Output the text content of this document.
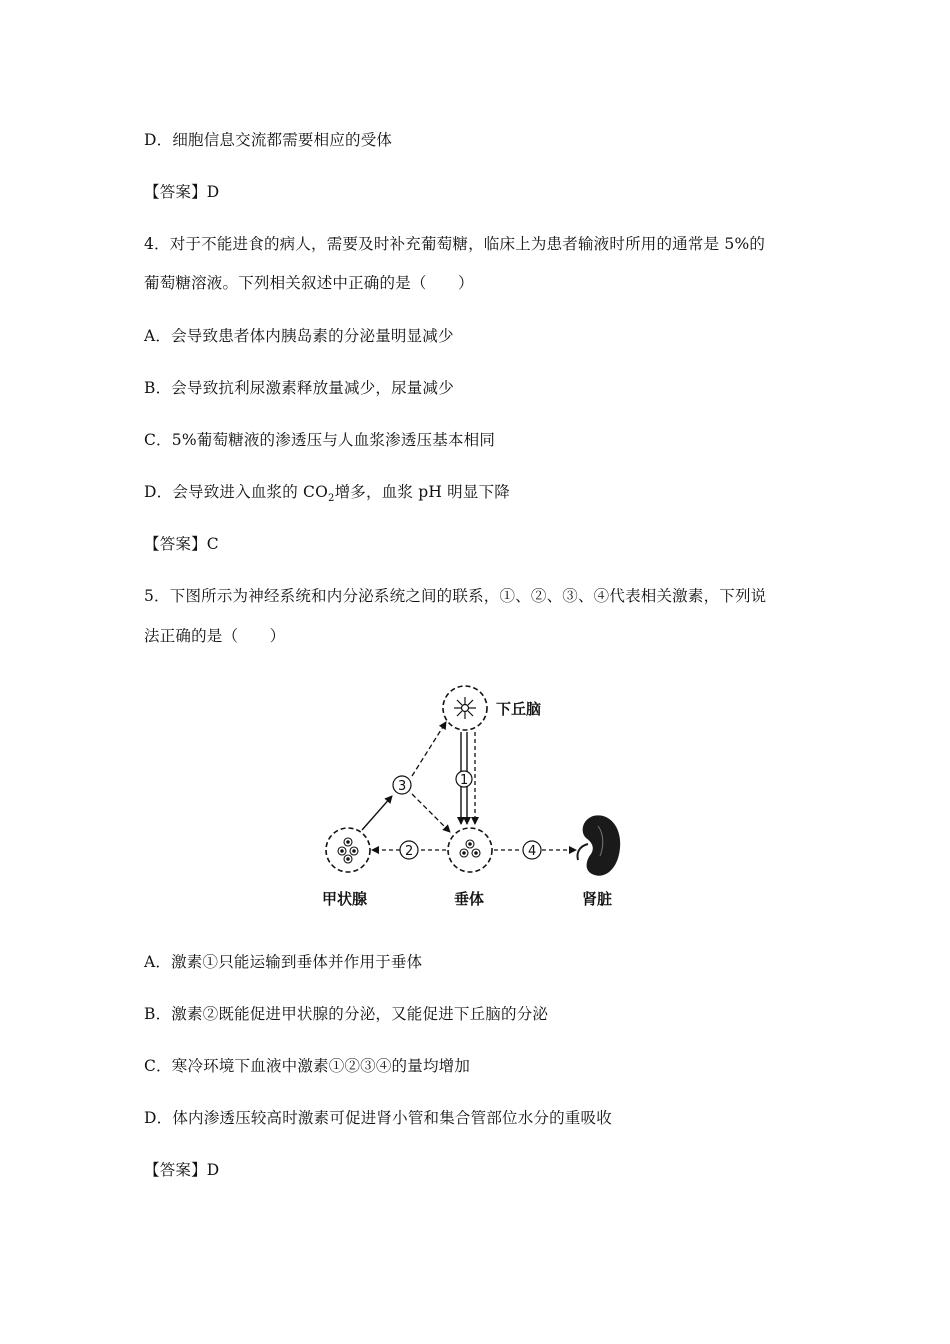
D．细胞信息交流都需要相应的受体
【答案】D
4．对于不能进食的病人，需要及时补充葡萄糖，临床上为患者输液时所用的通常是 5%的
葡萄糖溶液。下列相关叙述中正确的是（　　）
A．会导致患者体内胰岛素的分泌量明显减少
B．会导致抗利尿激素释放量减少，尿量减少
C．5%葡萄糖液的渗透压与人血浆渗透压基本相同
D．会导致进入血浆的 $CO_2$增多，血浆 pH 明显下降
【答案】C
5．下图所示为神经系统和内分泌系统之间的联系，①、②、③、④代表相关激素，下列说
法正确的是（　　）
下丘脑
垂体
甲状腺	肾脏
1
3
2	4
A．激素①只能运输到垂体并作用于垂体
B．激素②既能促进甲状腺的分泌，又能促进下丘脑的分泌
C．寒冷环境下血液中激素①②③④的量均增加
D．体内渗透压较高时激素可促进肾小管和集合管部位水分的重吸收
【答案】D
